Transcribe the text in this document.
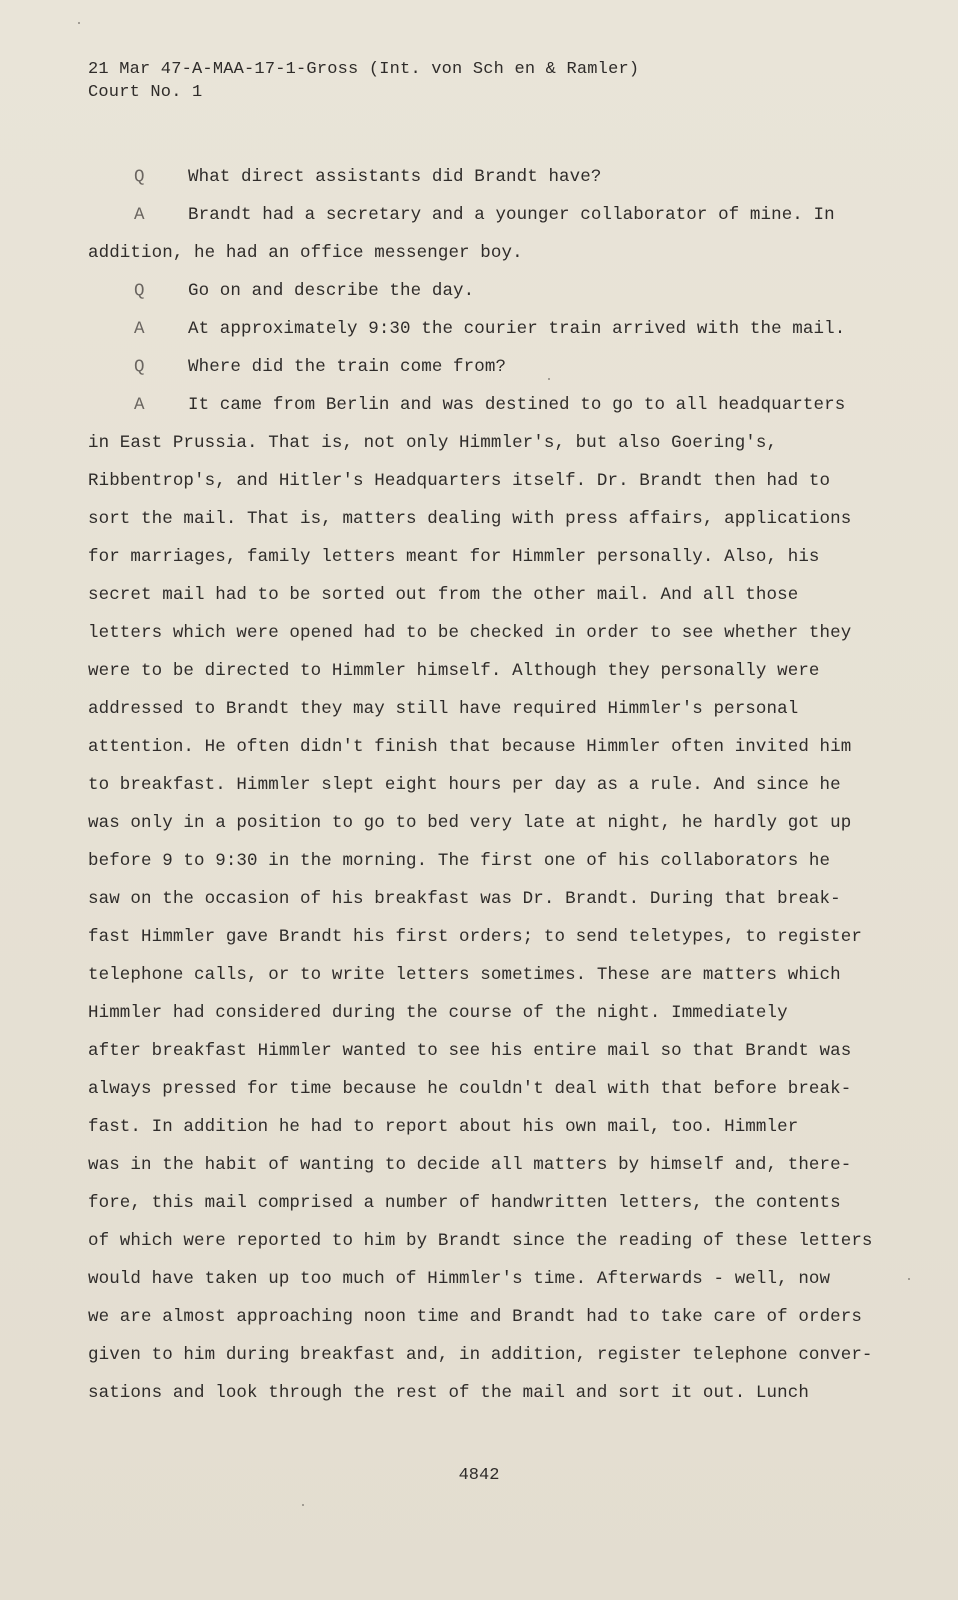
21 Mar 47-A-MAA-17-1-Gross (Int. von Sch en & Ramler)
Court No. 1
Q What direct assistants did Brandt have?
A Brandt had a secretary and a younger collaborator of mine. In
addition, he had an office messenger boy.
Q Go on and describe the day.
A At approximately 9:30 the courier train arrived with the mail.
Q Where did the train come from?
A It came from Berlin and was destined to go to all headquarters
in East Prussia. That is, not only Himmler's, but also Goering's,
Ribbentrop's, and Hitler's Headquarters itself. Dr. Brandt then had to
sort the mail. That is, matters dealing with press affairs, applications
for marriages, family letters meant for Himmler personally. Also, his
secret mail had to be sorted out from the other mail. And all those
letters which were opened had to be checked in order to see whether they
were to be directed to Himmler himself. Although they personally were
addressed to Brandt they may still have required Himmler's personal
attention. He often didn't finish that because Himmler often invited him
to breakfast. Himmler slept eight hours per day as a rule. And since he
was only in a position to go to bed very late at night, he hardly got up
before 9 to 9:30 in the morning. The first one of his collaborators he
saw on the occasion of his breakfast was Dr. Brandt. During that break-
fast Himmler gave Brandt his first orders; to send teletypes, to register
telephone calls, or to write letters sometimes. These are matters which
Himmler had considered during the course of the night. Immediately
after breakfast Himmler wanted to see his entire mail so that Brandt was
always pressed for time because he couldn't deal with that before break-
fast. In addition he had to report about his own mail, too. Himmler
was in the habit of wanting to decide all matters by himself and, there-
fore, this mail comprised a number of handwritten letters, the contents
of which were reported to him by Brandt since the reading of these letters
would have taken up too much of Himmler's time. Afterwards - well, now
we are almost approaching noon time and Brandt had to take care of orders
given to him during breakfast and, in addition, register telephone conver-
sations and look through the rest of the mail and sort it out. Lunch
4842
